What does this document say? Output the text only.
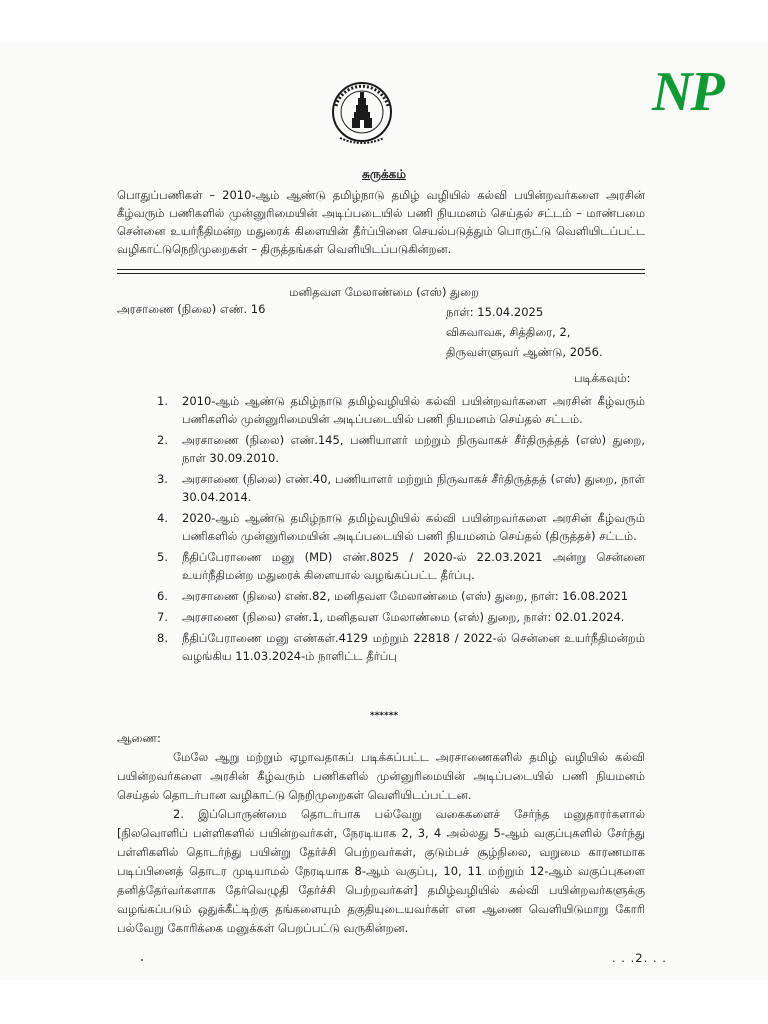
NP
சுருக்கம்

பொதுப்பணிகள் – 2010-ஆம் ஆண்டு தமிழ்நாடு தமிழ் வழியில் கல்வி பயின்றவர்களை அரசின் கீழ்வரும் பணிகளில் முன்னுரிமையின் அடிப்படையில் பணி நியமனம் செய்தல் சட்டம் – மாண்பமை சென்னை உயர்நீதிமன்ற மதுரைக் கிளையின் தீர்ப்பினை செயல்படுத்தும் பொருட்டு வெளியிடப்பட்ட வழிகாட்டுநெறிமுறைகள் – திருத்தங்கள் வெளியிடப்படுகின்றன.

மனிதவள மேலாண்மை (எஸ்) துறை
அரசாணை (நிலை) எண். 16	நாள்: 15.04.2025
விசுவாவசு, சித்திரை, 2,
திருவள்ளுவர் ஆண்டு, 2056.
படிக்கவும்:
1.	2010-ஆம் ஆண்டு தமிழ்நாடு தமிழ்வழியில் கல்வி பயின்றவர்களை அரசின் கீழ்வரும் பணிகளில் முன்னுரிமையின் அடிப்படையில் பணி நியமனம் செய்தல் சட்டம்.
2.	அரசாணை (நிலை) எண்.145, பணியாளர் மற்றும் நிருவாகச் சீர்திருத்தத் (எஸ்) துறை, நாள் 30.09.2010.
3.	அரசாணை (நிலை) எண்.40, பணியாளர் மற்றும் நிருவாகச் சீர்திருத்தத் (எஸ்) துறை, நாள் 30.04.2014.
4.	2020-ஆம் ஆண்டு தமிழ்நாடு தமிழ்வழியில் கல்வி பயின்றவர்களை அரசின் கீழ்வரும் பணிகளில் முன்னுரிமையின் அடிப்படையில் பணி நியமனம் செய்தல் (திருத்தச்) சட்டம்.
5.	நீதிப்பேராணை மனு (MD) எண்.8025 / 2020-ல் 22.03.2021 அன்று சென்னை உயர்நீதிமன்ற மதுரைக் கிளையால் வழங்கப்பட்ட தீர்ப்பு.
6.	அரசாணை (நிலை) எண்.82, மனிதவள மேலாண்மை (எஸ்) துறை, நாள்: 16.08.2021
7.	அரசாணை (நிலை) எண்.1, மனிதவள மேலாண்மை (எஸ்) துறை, நாள்: 02.01.2024.
8.	நீதிப்பேராணை மனு எண்கள்.4129 மற்றும் 22818 / 2022-ல் சென்னை உயர்நீதிமன்றம் வழங்கிய 11.03.2024-ம் நாளிட்ட தீர்ப்பு
******
ஆணை:

மேலே ஆறு மற்றும் ஏழாவதாகப் படிக்கப்பட்ட அரசாணைகளில் தமிழ் வழியில் கல்வி பயின்றவர்களை அரசின் கீழ்வரும் பணிகளில் முன்னுரிமையின் அடிப்படையில் பணி நியமனம் செய்தல் தொடர்பான வழிகாட்டு நெறிமுறைகள் வெளியிடப்பட்டன.

2. இப்பொருண்மை தொடர்பாக பல்வேறு வகைகளைச் சேர்ந்த மனுதாரர்களால் [நிலவொளிப் பள்ளிகளில் பயின்றவர்கள், நேரடியாக 2, 3, 4 அல்லது 5-ஆம் வகுப்புகளில் சேர்ந்து பள்ளிகளில் தொடர்ந்து பயின்று தேர்ச்சி பெற்றவர்கள், குடும்பச் சூழ்நிலை, வறுமை காரணமாக படிப்பினைத் தொடர முடியாமல் நேரடியாக 8-ஆம் வகுப்பு, 10, 11 மற்றும் 12-ஆம் வகுப்புகளை தனித்தேர்வர்களாக தேர்வெழுதி தேர்ச்சி பெற்றவர்கள்] தமிழ்வழியில் கல்வி பயின்றவர்களுக்கு வழங்கப்படும் ஒதுக்கீட்டிற்கு தங்களையும் தகுதியுடையவர்கள் என ஆணை வெளியிடுமாறு கோரி பல்வேறு கோரிக்கை மனுக்கள் பெறப்பட்டு வருகின்றன.

. . .2. . .
